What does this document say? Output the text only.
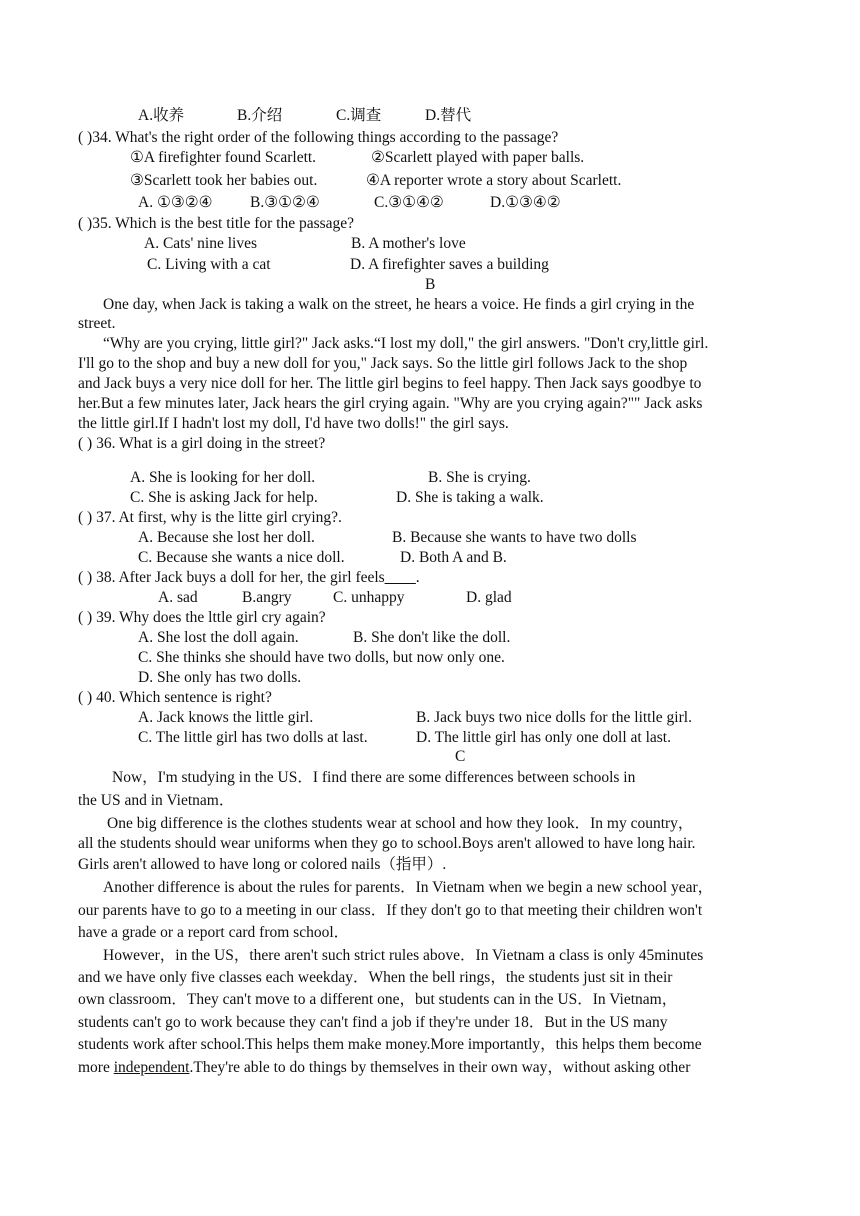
A.收养	B.介绍	C.调查	D.替代
( )34. What's the right order of the following things according to the passage?
①A firefighter found Scarlett.	②Scarlett played with paper balls.
③Scarlett took her babies out.	④A reporter wrote a story about Scarlett.
A. ①③②④ B.③①②④	C.③①④②	D.①③④②
( )35. Which is the best title for the passage?
A. Cats' nine lives	B. A mother's love
C. Living with a cat	D. A firefighter saves a building
B
One day, when Jack is taking a walk on the street, he hears a voice. He finds a girl crying in the
street.
“Why are you crying, little girl?" Jack asks.“I lost my doll," the girl answers. "Don't cry,little girl.
I'll go to the shop and buy a new doll for you," Jack says. So the little girl follows Jack to the shop
and Jack buys a very nice doll for her. The little girl begins to feel happy. Then Jack says goodbye to
her.But a few minutes later, Jack hears the girl crying again. "Why are you crying again?"" Jack asks
the little girl.If I hadn't lost my doll, I'd have two dolls!" the girl says.
( ) 36. What is a girl doing in the street?
A. She is looking for her doll.	B. She is crying.
C. She is asking Jack for help.	D. She is taking a walk.
( ) 37. At first, why is the litte girl crying?.
A. Because she lost her doll.	B. Because she wants to have two dolls
C. Because she wants a nice doll.	D. Both A and B.
( ) 38. After Jack buys a doll for her, the girl feels____.
A. sad	B.angry	C. unhappy	D. glad
( ) 39. Why does the lttle girl cry again?
A. She lost the doll again.	B. She don't like the doll.
C. She thinks she should have two dolls, but now only one.
D. She only has two dolls.
( ) 40. Which sentence is right?
A. Jack knows the little girl.	B. Jack buys two nice dolls for the little girl.
C. The little girl has two dolls at last.	D. The little girl has only one doll at last.
C
Now，I'm studying in the US．I find there are some differences between schools in
the US and in Vietnam．
One big difference is the clothes students wear at school and how they look．In my country，
all the students should wear uniforms when they go to school.Boys aren't allowed to have long hair.
Girls aren't allowed to have long or colored nails（指甲）.
Another difference is about the rules for parents．In Vietnam when we begin a new school year，
our parents have to go to a meeting in our class．If they don't go to that meeting their children won't
have a grade or a report card from school．
However，in the US，there aren't such strict rules above．In Vietnam a class is only 45minutes
and we have only five classes each weekday．When the bell rings，the students just sit in their
own classroom．They can't move to a different one，but students can in the US．In Vietnam，
students can't go to work because they can't find a job if they're under 18．But in the US many
students work after school.This helps them make money.More importantly，this helps them become
more independent.They're able to do things by themselves in their own way，without asking other
